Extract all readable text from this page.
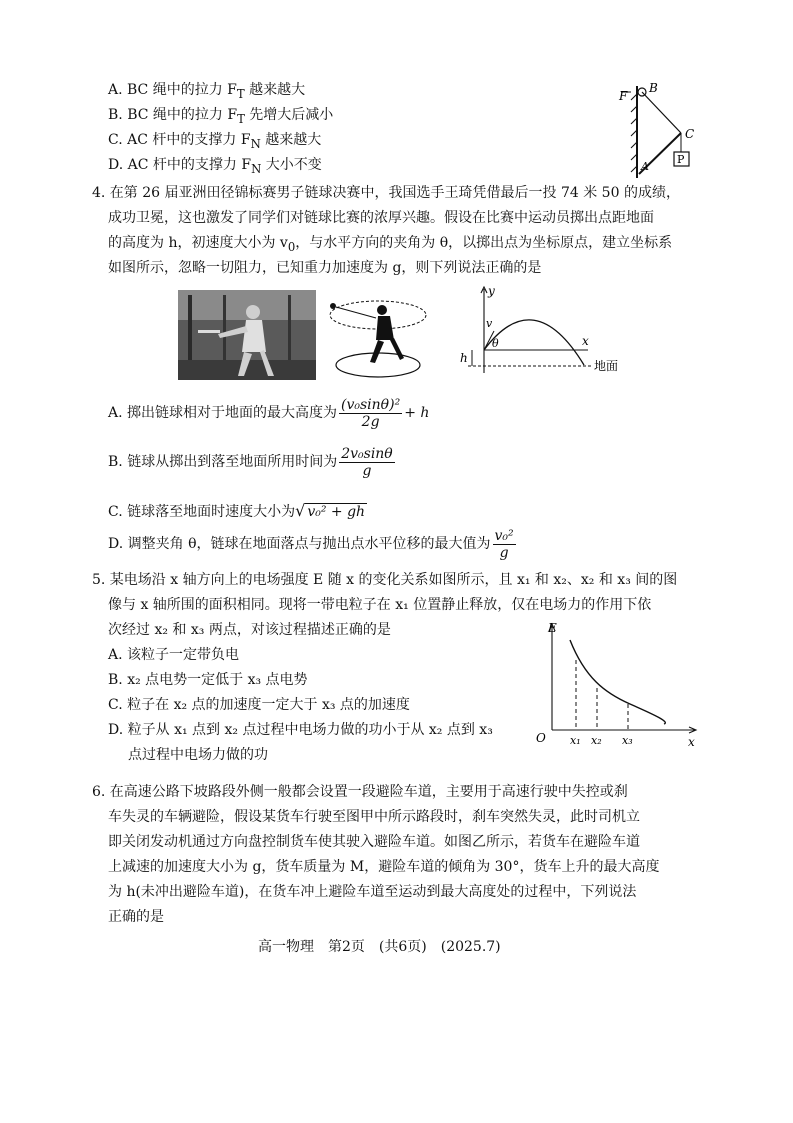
A. BC 绳中的拉力 $F_T$ 越来越大
B. BC 绳中的拉力 $F_T$ 先增大后减小
C. AC 杆中的支撑力 $F_N$ 越来越大
D. AC 杆中的支撑力 $F_N$ 大小不变
F
B
C
A
P
4. 在第 26 届亚洲田径锦标赛男子链球决赛中，我国选手王琦凭借最后一投 74 米 50 的成绩，
成功卫冕，这也激发了同学们对链球比赛的浓厚兴趣。假设在比赛中运动员掷出点距地面
的高度为 h，初速度大小为 $v_0$，与水平方向的夹角为 θ，以掷出点为坐标原点，建立坐标系
如图所示，忽略一切阻力，已知重力加速度为 g，则下列说法正确的是
y
x
v
θ
h
地面
A. 掷出链球相对于地面的最大高度为 $\frac{\text{(v₀sinθ)²}}{2g} + h$
B. 链球从掷出到落至地面所用时间为 $\frac{\text{2v₀sinθ}}{g}$
C. 链球落至地面时速度大小为√ v₀² + gh
D. 调整夹角 θ，链球在地面落点与抛出点水平位移的最大值为 $\frac{\text{v₀²}}{g}$
5. 某电场沿 x 轴方向上的电场强度 E 随 x 的变化关系如图所示，且 x₁ 和 x₂、x₂ 和 x₃ 间的图
像与 x 轴所围的面积相同。现将一带电粒子在 x₁ 位置静止释放，仅在电场力的作用下依
次经过 x₂ 和 x₃ 两点，对该过程描述正确的是
A. 该粒子一定带负电
B. x₂ 点电势一定低于 x₃ 点电势
C. 粒子在 x₂ 点的加速度一定大于 x₃ 点的加速度
D. 粒子从 x₁ 点到 x₂ 点过程中电场力做的功小于从 x₂ 点到 x₃
点过程中电场力做的功
E
O	x
x₁ x₂ x₃
6. 在高速公路下坡路段外侧一般都会设置一段避险车道，主要用于高速行驶中失控或刹
车失灵的车辆避险，假设某货车行驶至图甲中所示路段时，刹车突然失灵，此时司机立
即关闭发动机通过方向盘控制货车使其驶入避险车道。如图乙所示，若货车在避险车道
上减速的加速度大小为 g，货车质量为 M，避险车道的倾角为 30°，货车上升的最大高度
为 h(未冲出避险车道)，在货车冲上避险车道至运动到最大高度处的过程中，下列说法
正确的是
高一物理　第2页　(共6页)　(2025.7)
